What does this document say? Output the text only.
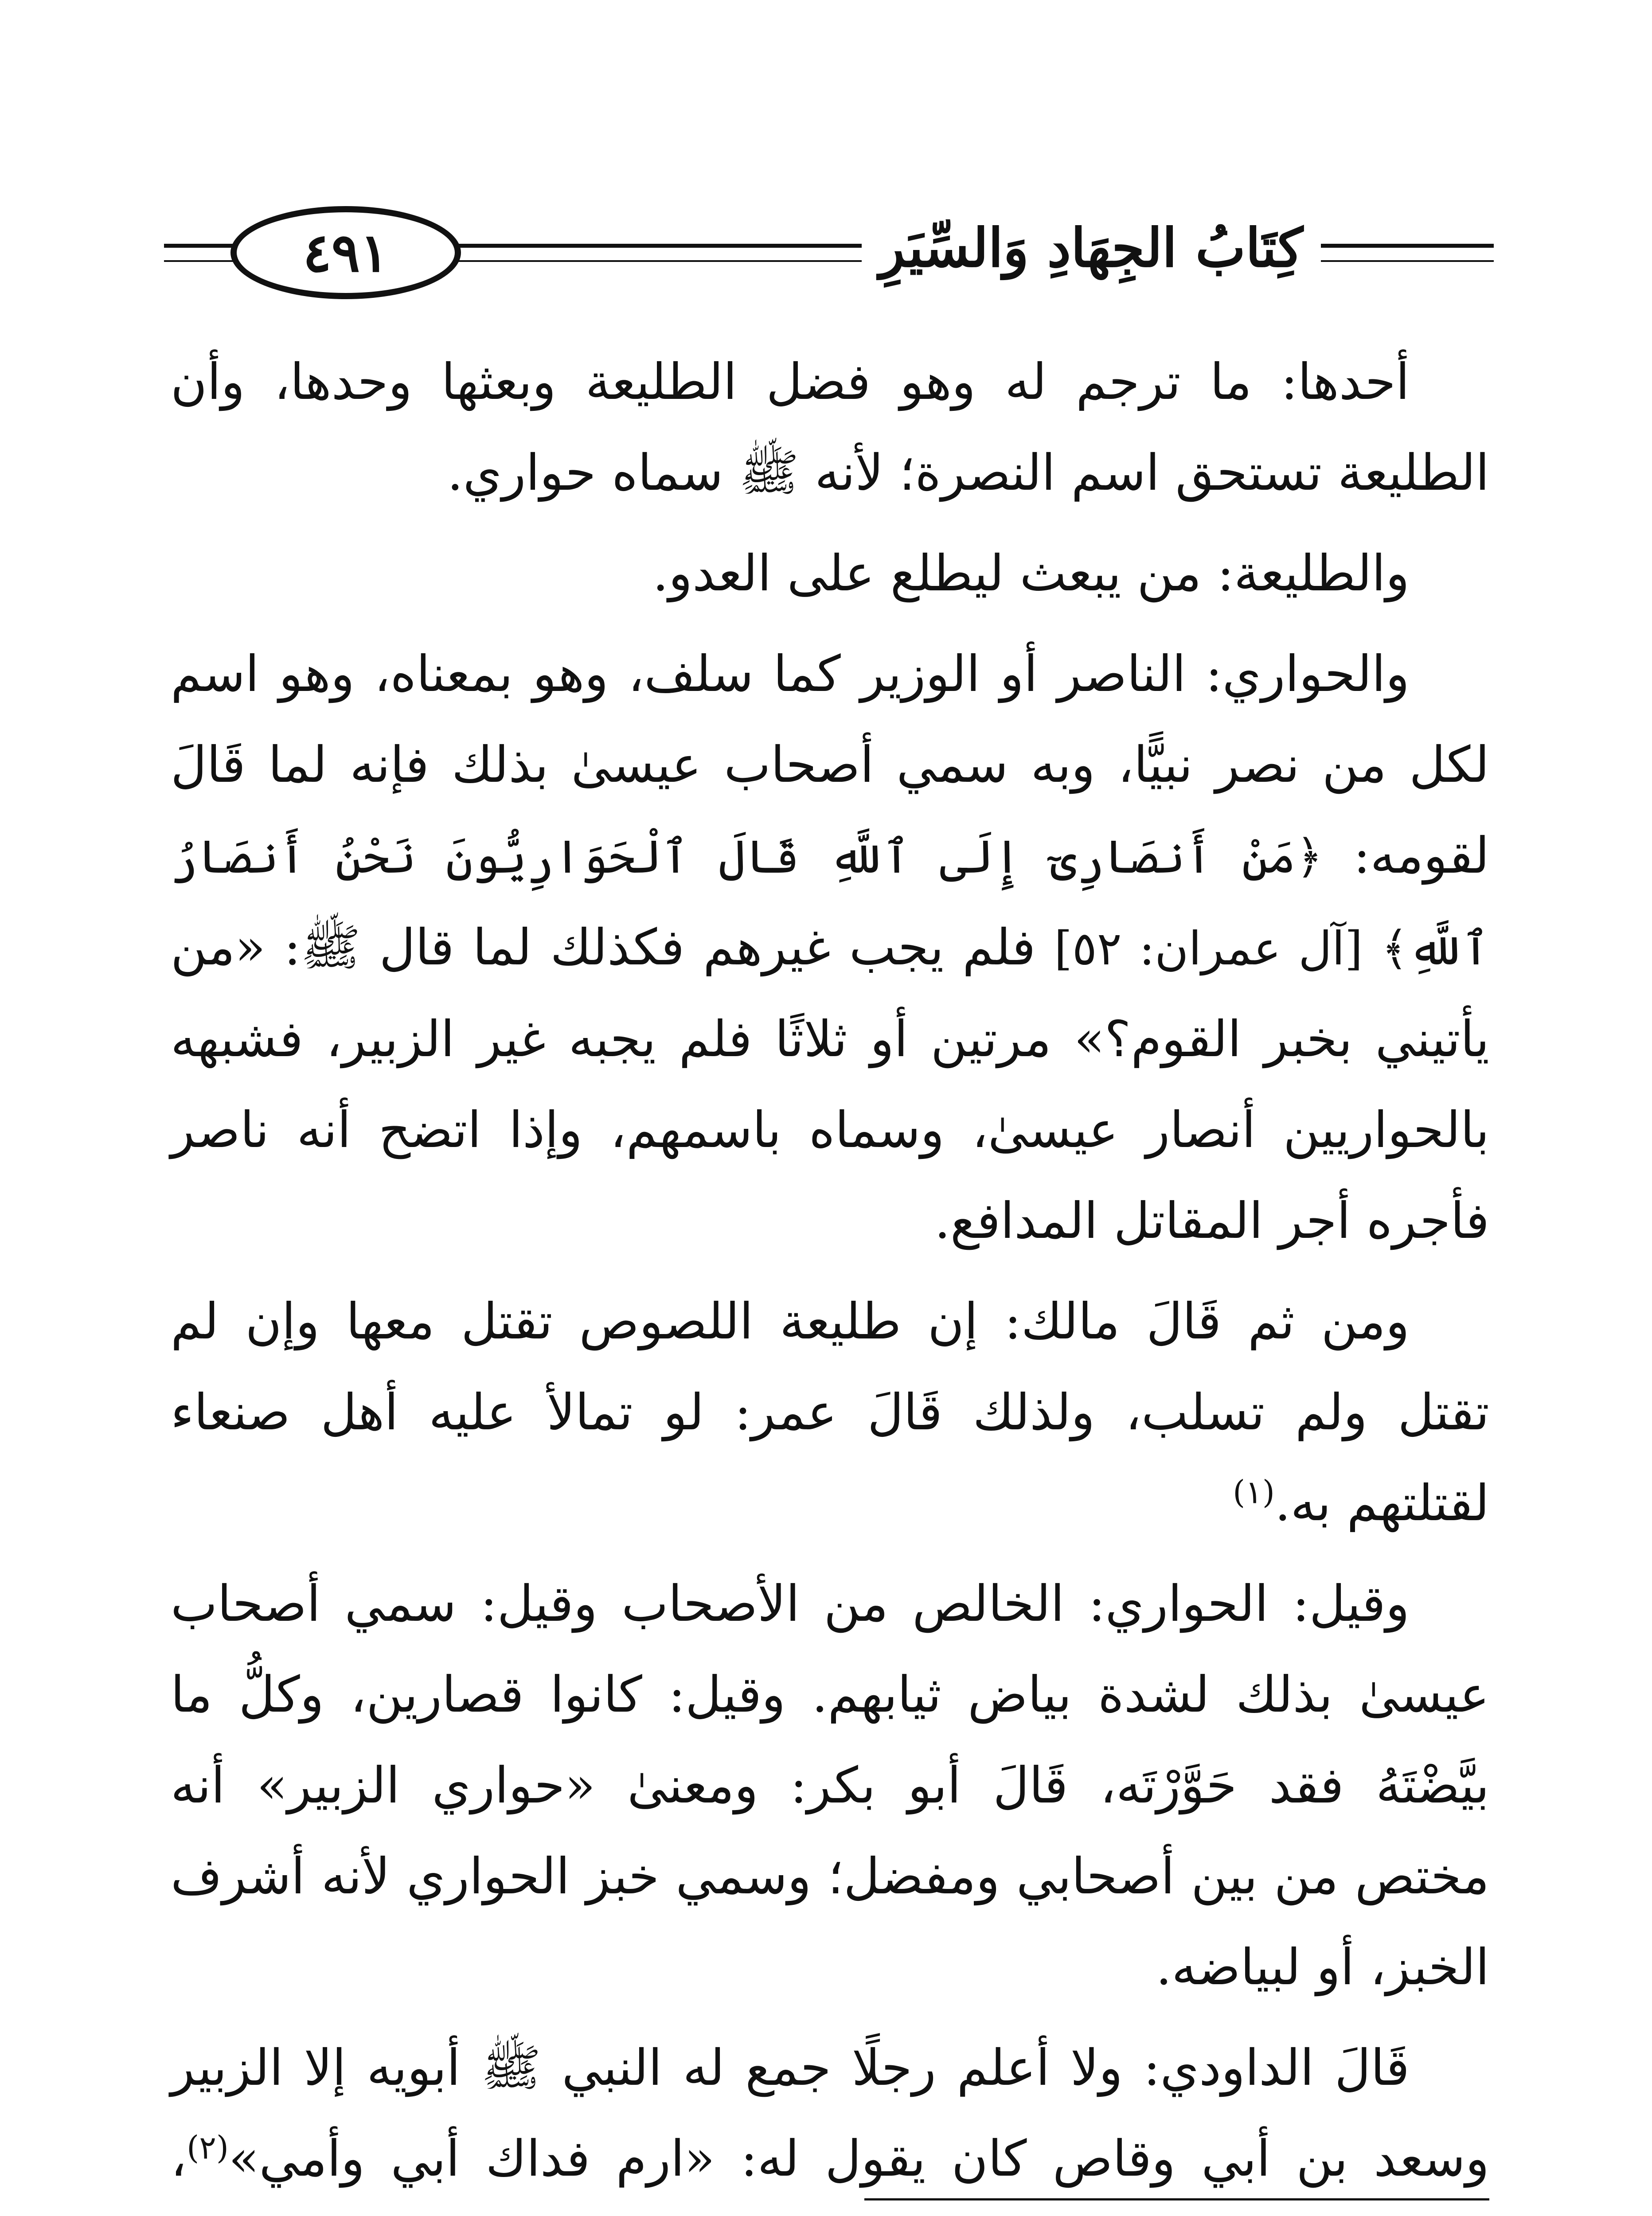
٤٩١	كِتَابُ الجِهَادِ وَالسِّيَرِ

أحدها: ما ترجم له وهو فضل الطليعة وبعثها وحدها، وأن الطليعة تستحق اسم النصرة؛ لأنه ﷺ سماه حواري.

والطليعة: من يبعث ليطلع على العدو.

والحواري: الناصر أو الوزير كما سلف، وهو بمعناه، وهو اسم لكل من نصر نبيًّا، وبه سمي أصحاب عيسىٰ بذلك فإنه لما قَالَ لقومه: ﴿مَنْ أَنصَارِىٓ إِلَى ٱللَّهِ قَالَ ٱلْحَوَارِيُّونَ نَحْنُ أَنصَارُ ٱللَّهِ﴾ [آل عمران: ٥٢] فلم يجب غيرهم فكذلك لما قال ﷺ: «من يأتيني بخبر القوم؟» مرتين أو ثلاثًا فلم يجبه غير الزبير، فشبهه بالحواريين أنصار عيسىٰ، وسماه باسمهم، وإذا اتضح أنه ناصر فأجره أجر المقاتل المدافع.

ومن ثم قَالَ مالك: إن طليعة اللصوص تقتل معها وإن لم تقتل ولم تسلب، ولذلك قَالَ عمر: لو تمالأ عليه أهل صنعاء لقتلتهم به.$^{(١)}$

وقيل: الحواري: الخالص من الأصحاب وقيل: سمي أصحاب عيسىٰ بذلك لشدة بياض ثيابهم. وقيل: كانوا قصارين، وكلُّ ما بيَّضْتَهُ فقد حَوَّرْتَه، قَالَ أبو بكر: ومعنىٰ «حواري الزبير» أنه مختص من بين أصحابي ومفضل؛ وسمي خبز الحواري لأنه أشرف الخبز، أو لبياضه.

قَالَ الداودي: ولا أعلم رجلًا جمع له النبي ﷺ أبويه إلا الزبير وسعد بن أبي وقاص كان يقول له: «ارم فداك أبي وأمي»$^{(٢)}$،
